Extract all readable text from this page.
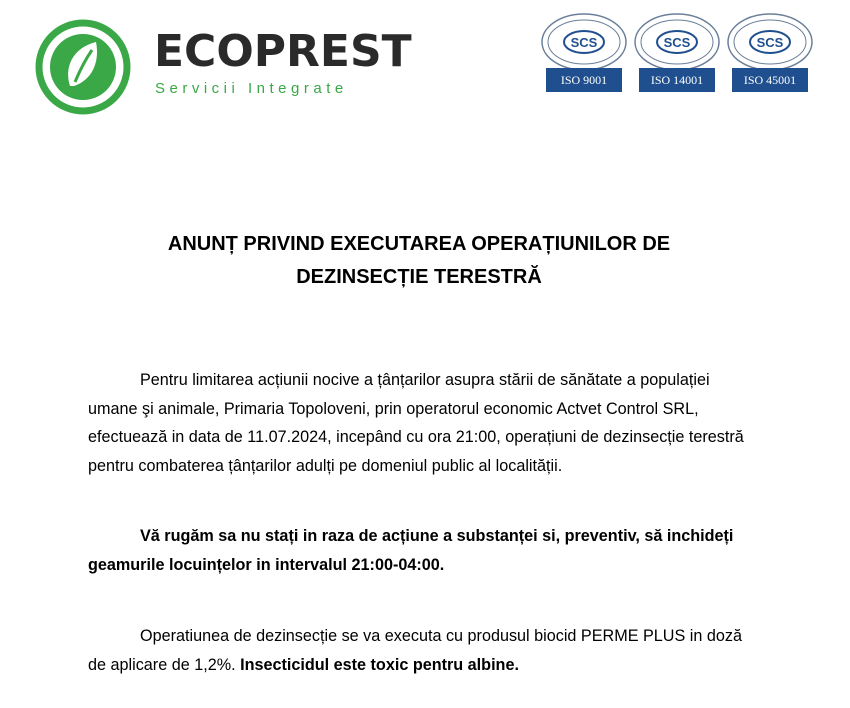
ECOPREST
Servicii Integrate
SCS
ISO 9001
SCS
ISO 14001
SCS
ISO 45001
ANUNȚ PRIVIND EXECUTAREA OPERAȚIUNILOR DE
DEZINSECȚIE TERESTRĂ
Pentru limitarea acțiunii nocive a țânțarilor asupra stării de sănătate a populației umane şi animale, Primaria Topoloveni, prin operatorul economic Actvet Control SRL, efectuează in data de 11.07.2024, incepând cu ora 21:00, operațiuni de dezinsecție terestră pentru combaterea țânțarilor adulți pe domeniul public al localității.
Vă rugăm sa nu stați in raza de acțiune a substanței si, preventiv, să inchideți geamurile locuințelor in intervalul 21:00-04:00.
Operatiunea de dezinsecție se va executa cu produsul biocid PERME PLUS in doză de aplicare de 1,2%. Insecticidul este toxic pentru albine.
